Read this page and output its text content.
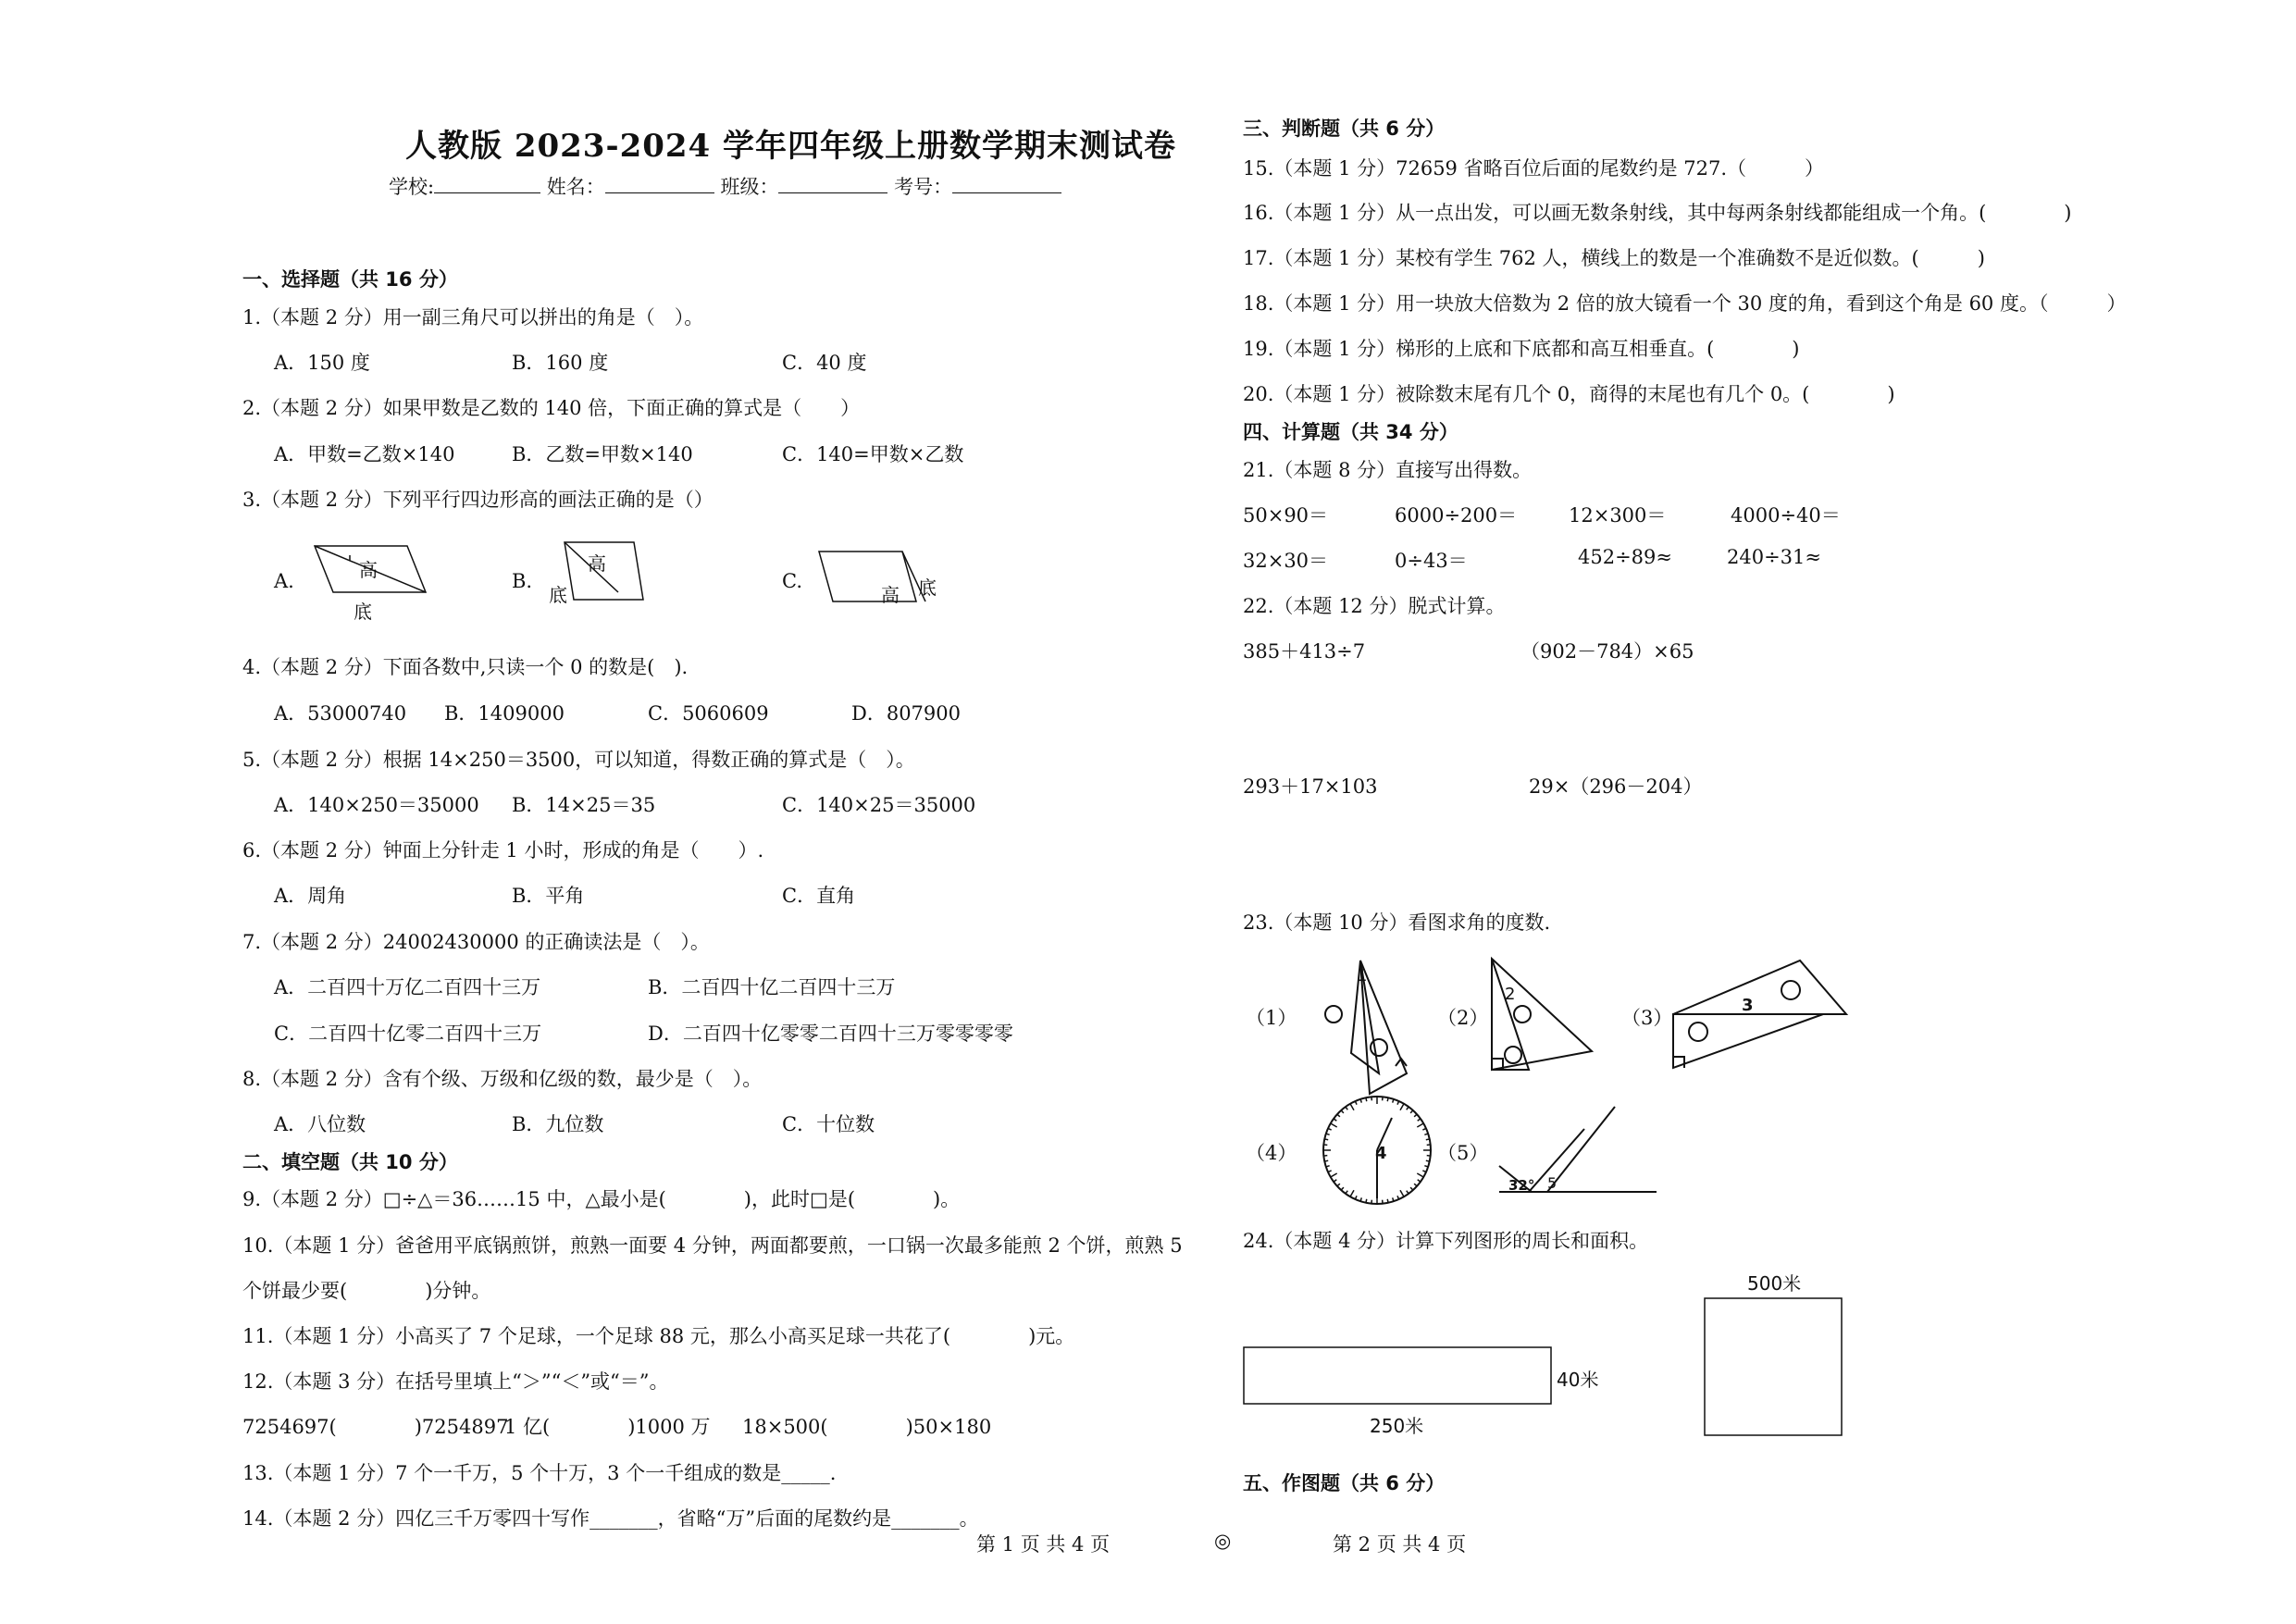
人教版 2023-2024 学年四年级上册数学期末测试卷
学校:	姓名：	班级：	考号：
一、选择题（共 16 分）
1.（本题 2 分）用一副三角尺可以拼出的角是（　）。
A．150 度	B．160 度	C．40 度
2.（本题 2 分）如果甲数是乙数的 140 倍，下面正确的算式是（　　）
A．甲数=乙数×140	B．乙数=甲数×140	C．140=甲数×乙数
3.（本题 2 分）下列平行四边形高的画法正确的是（）
A.	B.	C.
高
底
高
底	高 底
4.（本题 2 分）下面各数中,只读一个 0 的数是(　).
A．53000740 B．1409000	C．5060609	D．807900
5.（本题 2 分）根据 14×250＝3500，可以知道，得数正确的算式是（　）。
A．140×250＝35000 B．14×25＝35	C．140×25＝35000
6.（本题 2 分）钟面上分针走 1 小时，形成的角是（　　）.
A．周角	B．平角	C．直角
7.（本题 2 分）24002430000 的正确读法是（　）。
A．二百四十万亿二百四十三万	B．二百四十亿二百四十三万
C．二百四十亿零二百四十三万	D．二百四十亿零零二百四十三万零零零零
8.（本题 2 分）含有个级、万级和亿级的数，最少是（　）。
A．八位数	B．九位数	C．十位数
二、填空题（共 10 分）
9.（本题 2 分）□÷△＝36……15 中，△最小是(　　　　)，此时□是(　　　　)。
10.（本题 1 分）爸爸用平底锅煎饼，煎熟一面要 4 分钟，两面都要煎，一口锅一次最多能煎 2 个饼，煎熟 5
个饼最少要(　　　　)分钟。
11.（本题 1 分）小高买了 7 个足球，一个足球 88 元，那么小高买足球一共花了(　　　　)元。
12.（本题 3 分）在括号里填上“＞”“＜”或“＝”。
7254697(　　　　)7254897
1 亿(　　　　)1000 万 18×500(　　　　)50×180
13.（本题 1 分）7 个一千万，5 个十万，3 个一千组成的数是_____.
14.（本题 2 分）四亿三千万零四十写作_______，省略“万”后面的尾数约是_______。
三、判断题（共 6 分）
15.（本题 1 分）72659 省略百位后面的尾数约是 727.（　　　）
16.（本题 1 分）从一点出发，可以画无数条射线，其中每两条射线都能组成一个角。(　　　　)
17.（本题 1 分）某校有学生 762 人，横线上的数是一个准确数不是近似数。(　　　)
18.（本题 1 分）用一块放大倍数为 2 倍的放大镜看一个 30 度的角，看到这个角是 60 度。（　　　）
19.（本题 1 分）梯形的上底和下底都和高互相垂直。(　　　　)
20.（本题 1 分）被除数末尾有几个 0，商得的末尾也有几个 0。(　　　　)
四、计算题（共 34 分）
21.（本题 8 分）直接写出得数。
50×90＝	6000÷200＝	12×300＝	4000÷40＝
32×30＝	0÷43＝	452÷89≈	240÷31≈
22.（本题 12 分）脱式计算。
385＋413÷7	（902－784）×65
293＋17×103	29×（296－204）
23.（本题 10 分）看图求角的度数.
（1）	（2）	（3）
（4）	（5）
1
2
3
4
5
32°
24.（本题 4 分）计算下列图形的周长和面积。
40米
250米
500米
五、作图题（共 6 分）
第 1 页 共 4 页	◎	第 2 页 共 4 页
